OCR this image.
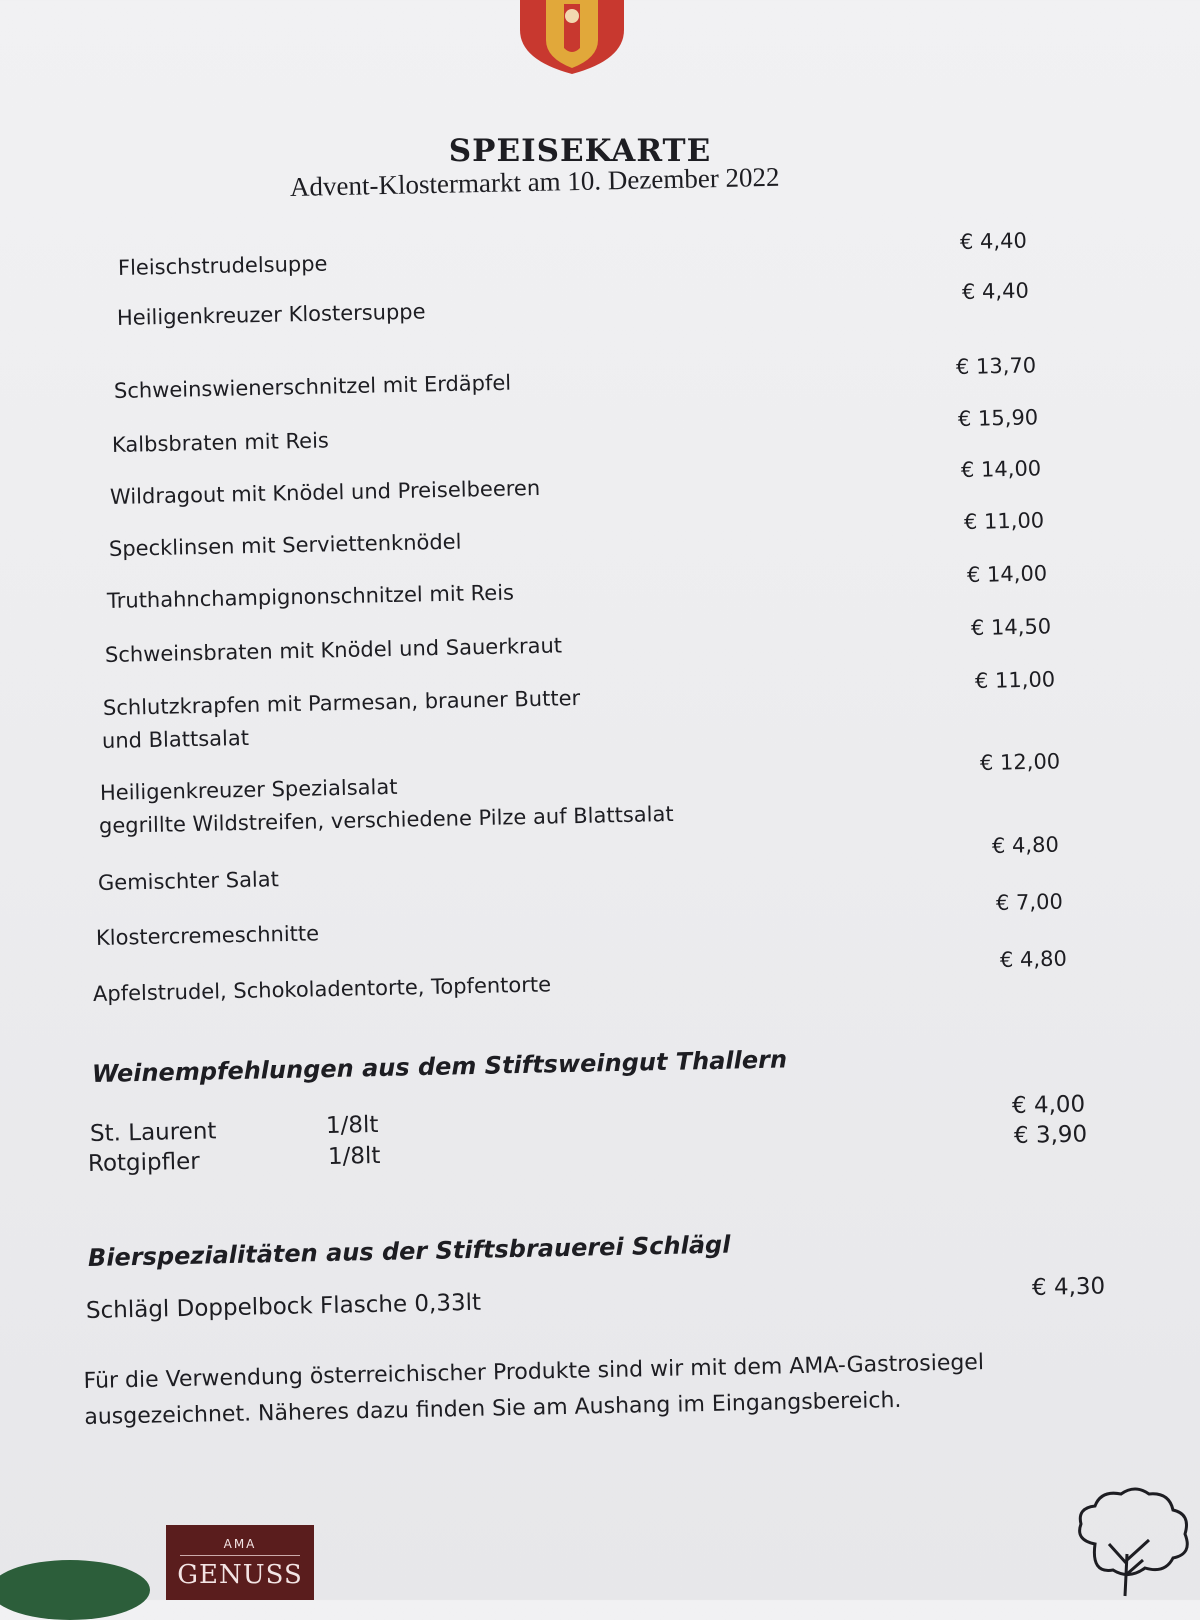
SPEISEKARTE
Advent-Klostermarkt am 10. Dezember 2022
Fleischstrudelsuppe
€ 4,40
Heiligenkreuzer Klostersuppe
€ 4,40
Schweinswienerschnitzel mit Erdäpfel
€ 13,70
Kalbsbraten mit Reis
€ 15,90
Wildragout mit Knödel und Preiselbeeren
€ 14,00
Specklinsen mit Serviettenknödel
€ 11,00
Truthahnchampignonschnitzel mit Reis
€ 14,00
Schweinsbraten mit Knödel und Sauerkraut
€ 14,50
Schlutzkrapfen mit Parmesan, brauner Butter
und Blattsalat
€ 11,00
Heiligenkreuzer Spezialsalat
gegrillte Wildstreifen, verschiedene Pilze auf Blattsalat
€ 12,00
Gemischter Salat
€ 4,80
Klostercremeschnitte
€ 7,00
Apfelstrudel, Schokoladentorte, Topfentorte
€ 4,80
Weinempfehlungen aus dem Stiftsweingut Thallern
St. Laurent	1/8lt
€ 4,00
Rotgipfler	1/8lt
€ 3,90
Bierspezialitäten aus der Stiftsbrauerei Schlägl
Schlägl Doppelbock Flasche 0,33lt
€ 4,30
Für die Verwendung österreichischer Produkte sind wir mit dem AMA-Gastrosiegel
ausgezeichnet. Näheres dazu finden Sie am Aushang im Eingangsbereich.
AMA
GENUSS
